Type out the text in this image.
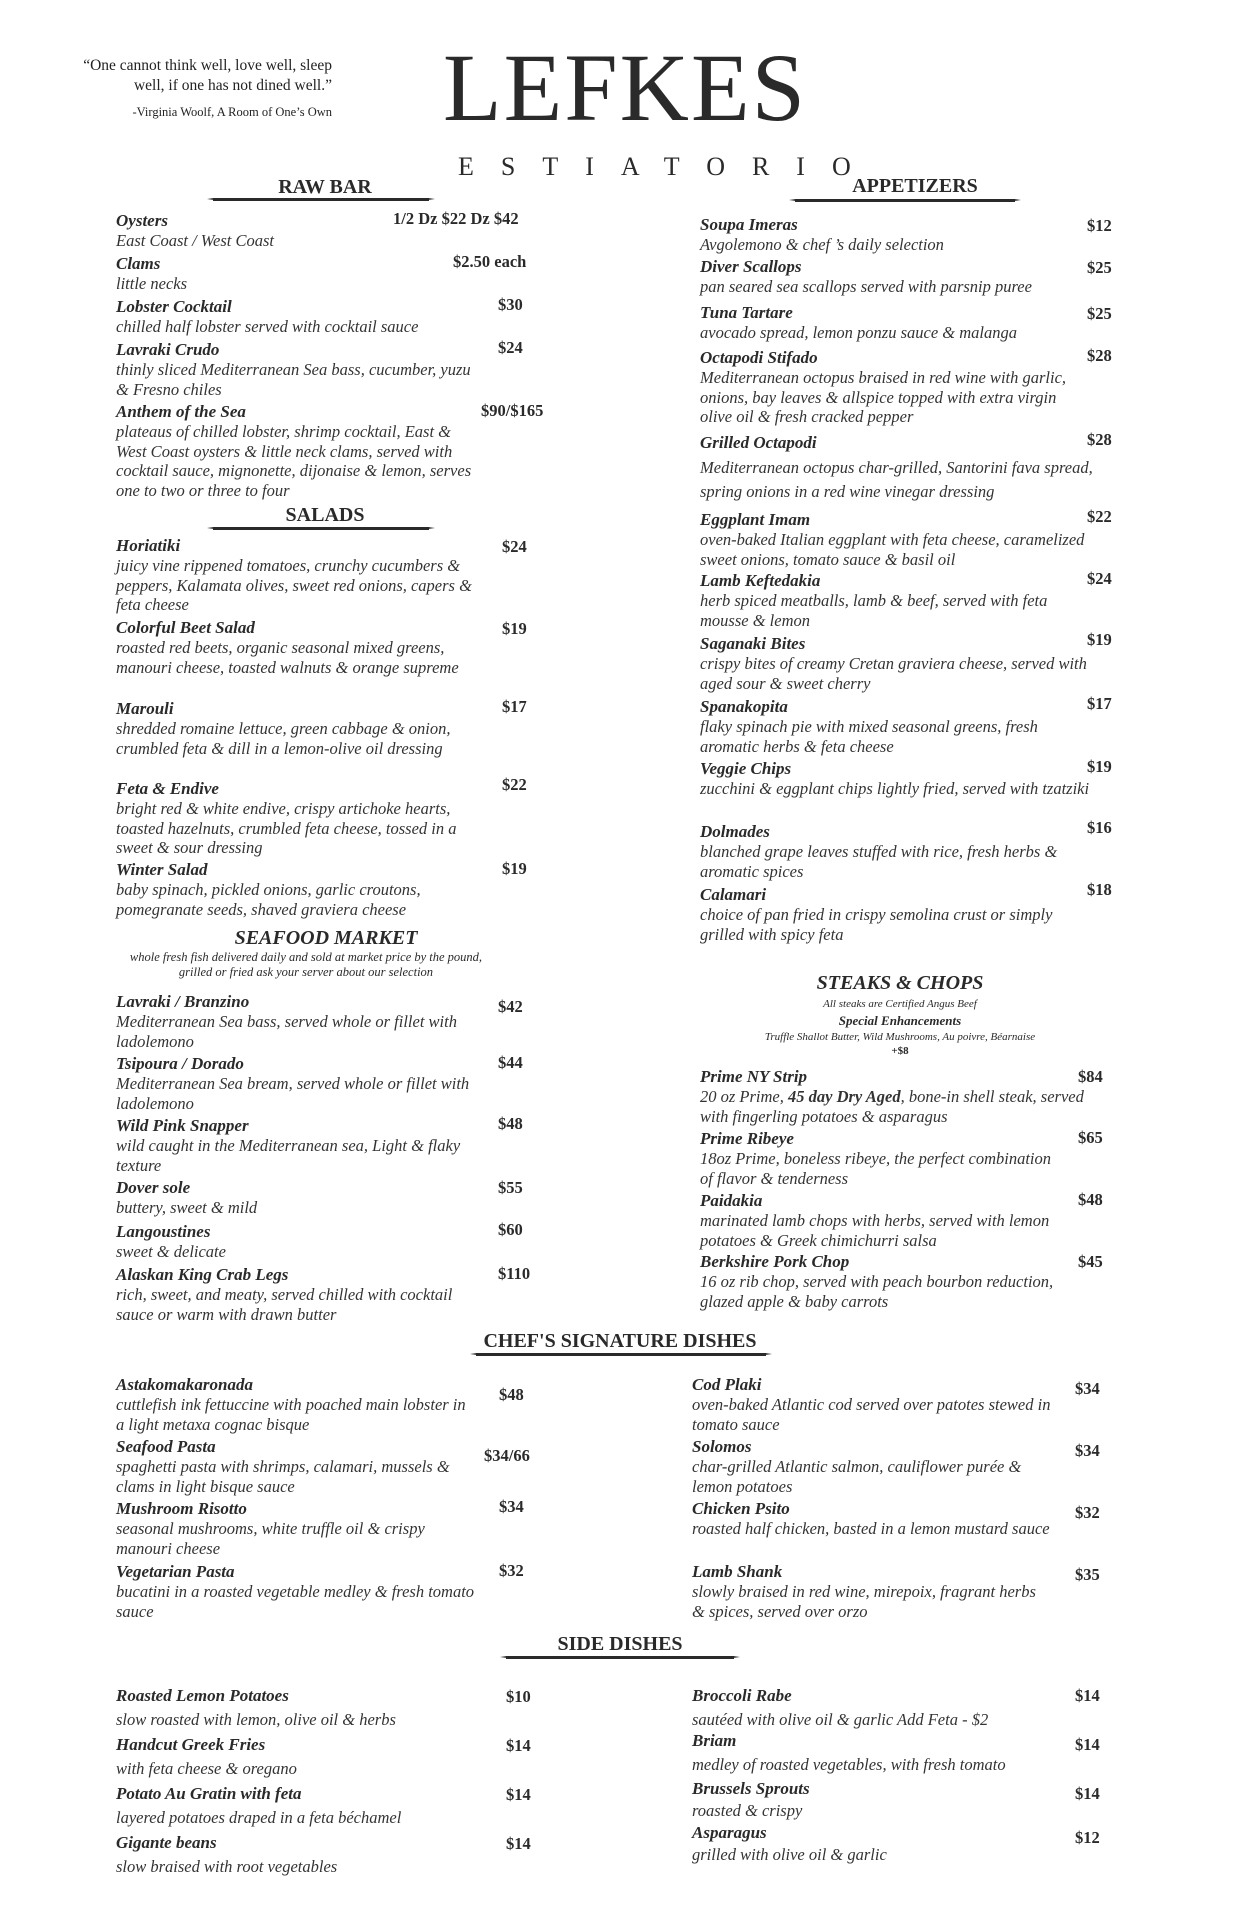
“One cannot think well, love well, sleep well, if one has not dined well.”
-Virginia Woolf, A Room of One’s Own LEFKES
ESTIATORIO
RAW BAR
Oysters
East Coast / West Coast
1/2 Dz $22 Dz $42
Clams
little necks
$2.50 each
Lobster Cocktail
chilled half lobster served with cocktail sauce
$30
Lavraki Crudo
thinly sliced Mediterranean Sea bass, cucumber, yuzu & Fresno chiles
$24
Anthem of the Sea
plateaus of chilled lobster, shrimp cocktail, East & West Coast oysters & little neck clams, served with cocktail sauce, mignonette, dijonaise & lemon, serves one to two or three to four
$90/$165
SALADS
Horiatiki
juicy vine rippened tomatoes, crunchy cucumbers & peppers, Kalamata olives, sweet red onions, capers & feta cheese
$24
Colorful Beet Salad
roasted red beets, organic seasonal mixed greens, manouri cheese, toasted walnuts & orange supreme
$19
Marouli
shredded romaine lettuce, green cabbage & onion, crumbled feta & dill in a lemon-olive oil dressing
$17
Feta & Endive
bright red & white endive, crispy artichoke hearts, toasted hazelnuts, crumbled feta cheese, tossed in a sweet & sour dressing
$22
Winter Salad
baby spinach, pickled onions, garlic croutons, pomegranate seeds, shaved graviera cheese
$19
SEAFOOD MARKET
whole fresh fish delivered daily and sold at market price by the pound, grilled or fried ask your server about our selection
Lavraki / Branzino
Mediterranean Sea bass, served whole or fillet with ladolemono
$42
Tsipoura / Dorado
Mediterranean Sea bream, served whole or fillet with ladolemono
$44
Wild Pink Snapper
wild caught in the Mediterranean sea, Light & flaky texture
$48
Dover sole
buttery, sweet & mild
$55
Langoustines
sweet & delicate
$60
Alaskan King Crab Legs
rich, sweet, and meaty, served chilled with cocktail sauce or warm with drawn butter
$110
APPETIZERS
Soupa Imeras
Avgolemono & chef ’s daily selection
$12
Diver Scallops
pan seared sea scallops served with parsnip puree
$25
Tuna Tartare
avocado spread, lemon ponzu sauce & malanga
$25
Octapodi Stifado
Mediterranean octopus braised in red wine with garlic, onions, bay leaves & allspice topped with extra virgin olive oil & fresh cracked pepper
$28
Grilled Octapodi
Mediterranean octopus char-grilled, Santorini fava spread, spring onions in a red wine vinegar dressing
$28
Eggplant Imam
oven-baked Italian eggplant with feta cheese, caramelized sweet onions, tomato sauce & basil oil
$22
Lamb Keftedakia
herb spiced meatballs, lamb & beef, served with feta mousse & lemon
$24
Saganaki Bites
crispy bites of creamy Cretan graviera cheese, served with aged sour & sweet cherry
$19
Spanakopita
flaky spinach pie with mixed seasonal greens, fresh aromatic herbs & feta cheese
$17
Veggie Chips
zucchini & eggplant chips lightly fried, served with tzatziki
$19
Dolmades
blanched grape leaves stuffed with rice, fresh herbs & aromatic spices
$16
Calamari
choice of pan fried in crispy semolina crust or simply grilled with spicy feta
$18
STEAKS & CHOPS
All steaks are Certified Angus Beef
Special Enhancements
Truffle Shallot Butter, Wild Mushrooms, Au poivre, Béarnaise
+$8
Prime NY Strip
20 oz Prime, 45 day Dry Aged, bone-in shell steak, served with fingerling potatoes & asparagus
$84
Prime Ribeye
18oz Prime, boneless ribeye, the perfect combination of flavor & tenderness
$65
Paidakia
marinated lamb chops with herbs, served with lemon potatoes & Greek chimichurri salsa
$48
Berkshire Pork Chop
16 oz rib chop, served with peach bourbon reduction, glazed apple & baby carrots
$45
CHEF'S SIGNATURE DISHES
Astakomakaronada
cuttlefish ink fettuccine with poached main lobster in a light metaxa cognac bisque
$48
Seafood Pasta
spaghetti pasta with shrimps, calamari, mussels & clams in light bisque sauce
$34/66
Mushroom Risotto
seasonal mushrooms, white truffle oil & crispy manouri cheese
$34
Vegetarian Pasta
bucatini in a roasted vegetable medley & fresh tomato sauce
$32
Cod Plaki
oven-baked Atlantic cod served over patotes stewed in tomato sauce
$34
Solomos
char-grilled Atlantic salmon, cauliflower purée & lemon potatoes
$34
Chicken Psito
roasted half chicken, basted in a lemon mustard sauce
$32
Lamb Shank
slowly braised in red wine, mirepoix, fragrant herbs & spices, served over orzo
$35
SIDE DISHES
Roasted Lemon Potatoes
slow roasted with lemon, olive oil & herbs
$10
Handcut Greek Fries
with feta cheese & oregano
$14
Potato Au Gratin with feta
layered potatoes draped in a feta béchamel
$14
Gigante beans
slow braised with root vegetables
$14
Broccoli Rabe
sautéed with olive oil & garlic Add Feta - $2
$14
Briam
medley of roasted vegetables, with fresh tomato
$14
Brussels Sprouts
roasted & crispy
$14
Asparagus
grilled with olive oil & garlic
$12
